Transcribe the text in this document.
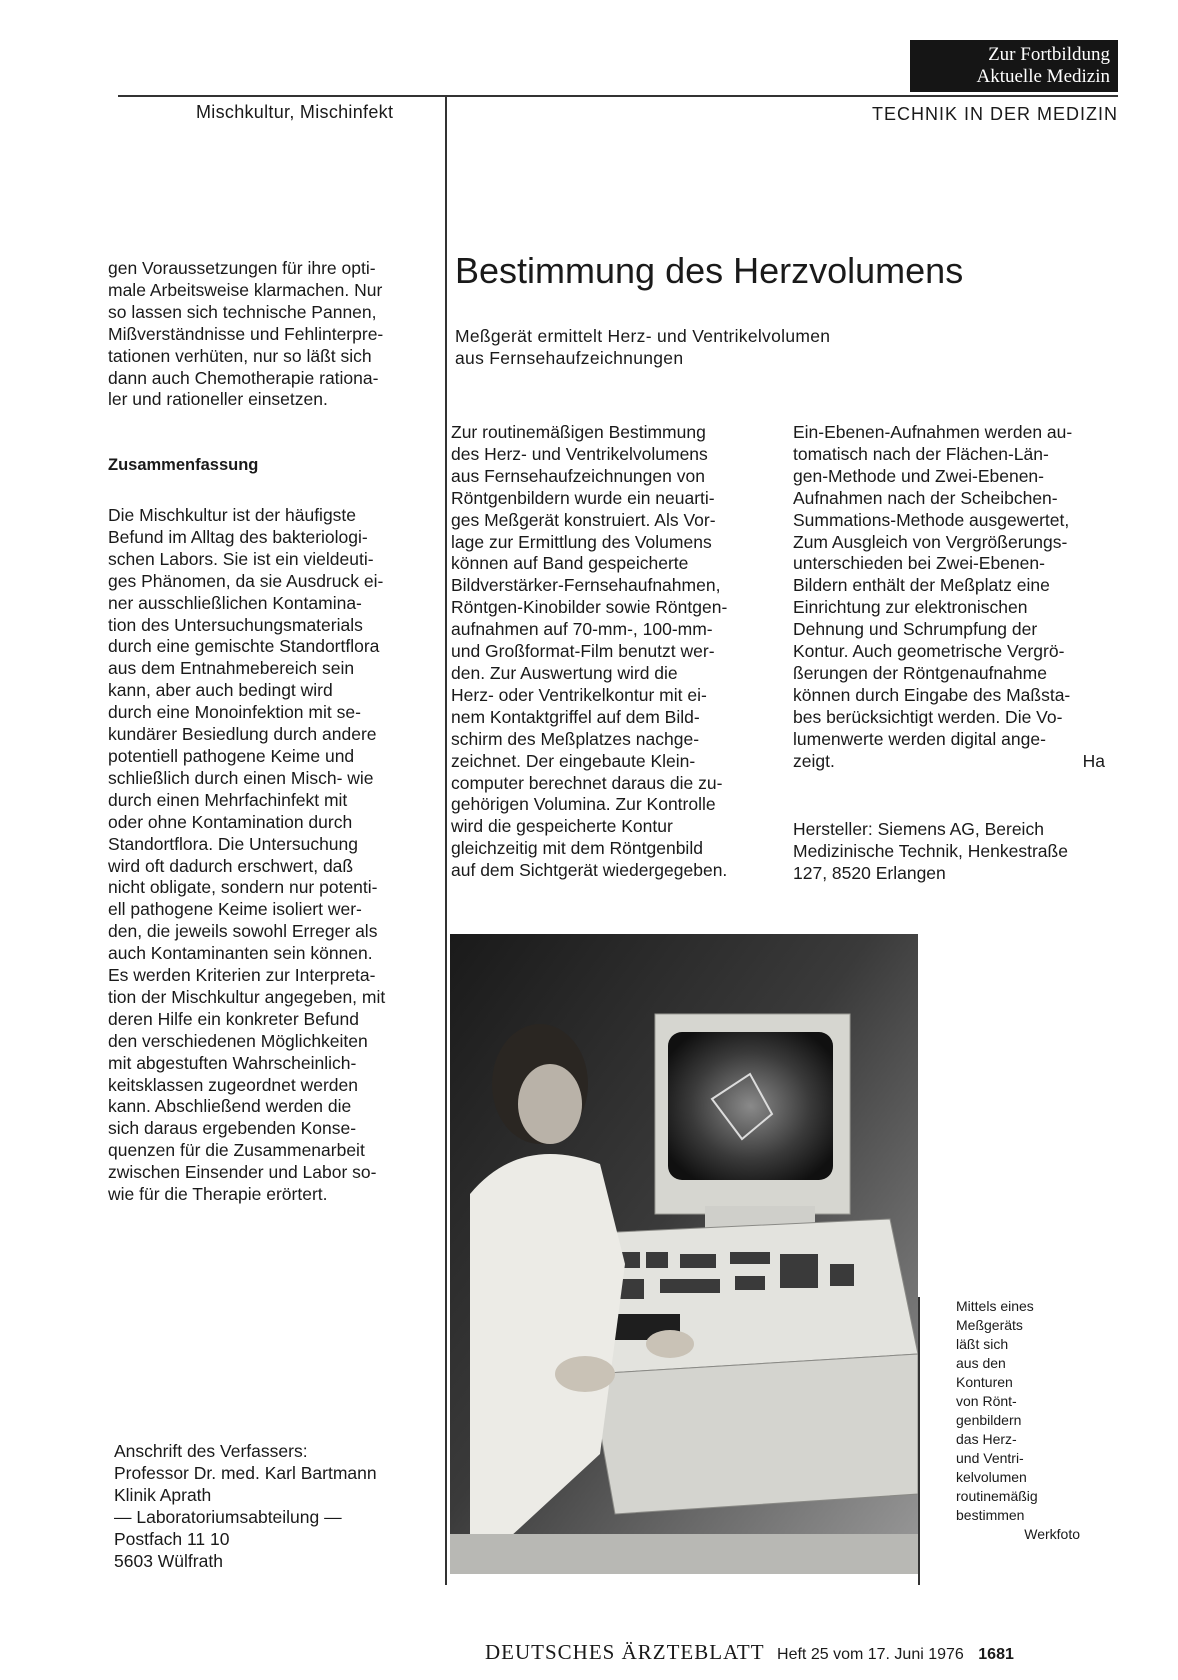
Zur Fortbildung
Aktuelle Medizin
Mischkultur, Mischinfekt	TECHNIK IN DER MEDIZIN
gen Voraussetzungen für ihre opti-
male Arbeitsweise klarmachen. Nur
so lassen sich technische Pannen,
Mißverständnisse und Fehlinterpre-
tationen verhüten, nur so läßt sich
dann auch Chemotherapie rationa-
ler und rationeller einsetzen.
Zusammenfassung
Die Mischkultur ist der häufigste
Befund im Alltag des bakteriologi-
schen Labors. Sie ist ein vieldeuti-
ges Phänomen, da sie Ausdruck ei-
ner ausschließlichen Kontamina-
tion des Untersuchungsmaterials
durch eine gemischte Standortflora
aus dem Entnahmebereich sein
kann, aber auch bedingt wird
durch eine Monoinfektion mit se-
kundärer Besiedlung durch andere
potentiell pathogene Keime und
schließlich durch einen Misch- wie
durch einen Mehrfachinfekt mit
oder ohne Kontamination durch
Standortflora. Die Untersuchung
wird oft dadurch erschwert, daß
nicht obligate, sondern nur potenti-
ell pathogene Keime isoliert wer-
den, die jeweils sowohl Erreger als
auch Kontaminanten sein können.
Es werden Kriterien zur Interpreta-
tion der Mischkultur angegeben, mit
deren Hilfe ein konkreter Befund
den verschiedenen Möglichkeiten
mit abgestuften Wahrscheinlich-
keitsklassen zugeordnet werden
kann. Abschließend werden die
sich daraus ergebenden Konse-
quenzen für die Zusammenarbeit
zwischen Einsender und Labor so-
wie für die Therapie erörtert.
Anschrift des Verfassers:
Professor Dr. med. Karl Bartmann
Klinik Aprath
— Laboratoriumsabteilung —
Postfach 11 10
5603 Wülfrath
Bestimmung des Herzvolumens
Meßgerät ermittelt Herz- und Ventrikelvolumen
aus Fernsehaufzeichnungen
Zur routinemäßigen Bestimmung
des Herz- und Ventrikelvolumens
aus Fernsehaufzeichnungen von
Röntgenbildern wurde ein neuarti-
ges Meßgerät konstruiert. Als Vor-
lage zur Ermittlung des Volumens
können auf Band gespeicherte
Bildverstärker-Fernsehaufnahmen,
Röntgen-Kinobilder sowie Röntgen-
aufnahmen auf 70-mm-, 100-mm-
und Großformat-Film benutzt wer-
den. Zur Auswertung wird die
Herz- oder Ventrikelkontur mit ei-
nem Kontaktgriffel auf dem Bild-
schirm des Meßplatzes nachge-
zeichnet. Der eingebaute Klein-
computer berechnet daraus die zu-
gehörigen Volumina. Zur Kontrolle
wird die gespeicherte Kontur
gleichzeitig mit dem Röntgenbild
auf dem Sichtgerät wiedergegeben.
Ein-Ebenen-Aufnahmen werden au-
tomatisch nach der Flächen-Län-
gen-Methode und Zwei-Ebenen-
Aufnahmen nach der Scheibchen-
Summations-Methode ausgewertet,
Zum Ausgleich von Vergrößerungs-
unterschieden bei Zwei-Ebenen-
Bildern enthält der Meßplatz eine
Einrichtung zur elektronischen
Dehnung und Schrumpfung der
Kontur. Auch geometrische Vergrö-
ßerungen der Röntgenaufnahme
können durch Eingabe des Maßsta-
bes berücksichtigt werden. Die Vo-
lumenwerte werden digital ange-
zeigt.	Ha
Hersteller: Siemens AG, Bereich
Medizinische Technik, Henkestraße
127, 8520 Erlangen
Mittels eines
Meßgeräts
läßt sich
aus den
Konturen
von Rönt-
genbildern
das Herz-
und Ventri-
kelvolumen
routinemäßig
bestimmen
Werkfoto
DEUTSCHES ÄRZTEBLATT Heft 25 vom 17. Juni 1976 1681
